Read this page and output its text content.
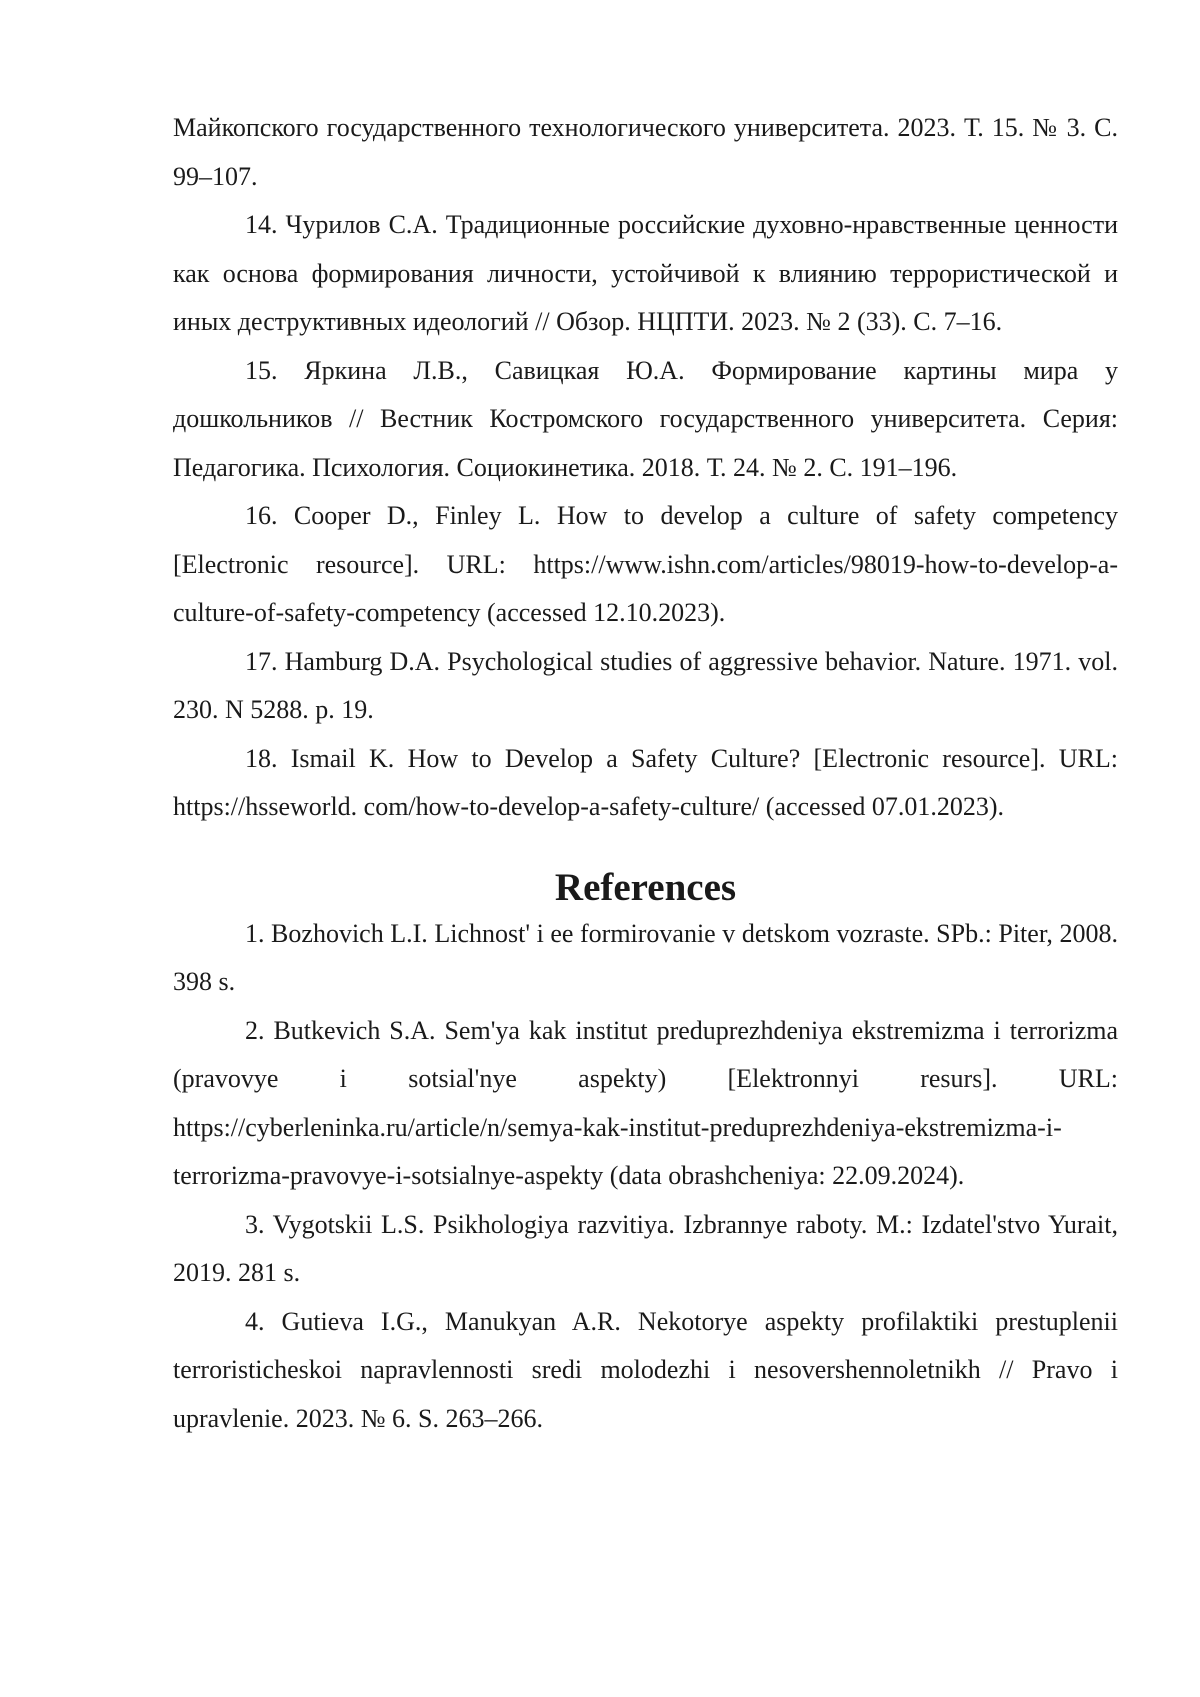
Майкопского государственного технологического университета. 2023. Т. 15. № 3. С. 99–107.

14. Чурилов С.А. Традиционные российские духовно-нравственные ценности как основа формирования личности, устойчивой к влиянию террористической и иных деструктивных идеологий // Обзор. НЦПТИ. 2023. № 2 (33). С. 7–16.

15. Яркина Л.В., Савицкая Ю.А. Формирование картины мира у дошкольников // Вестник Костромского государственного университета. Серия: Педагогика. Психология. Социокинетика. 2018. Т. 24. № 2. С. 191–196.

16. Cooper D., Finley L. How to develop a culture of safety competency [Electronic resource]. URL: https://www.ishn.com/articles/98019-how-to-develop-a-culture-of-safety-competency (accessed 12.10.2023).

17. Hamburg D.A. Psychological studies of aggressive behavior. Nature. 1971. vol. 230. N 5288. p. 19.

18. Ismail K. How to Develop a Safety Culture? [Electronic resource]. URL: https://hsseworld. com/how-to-develop-a-safety-culture/ (accessed 07.01.2023).

References

1. Bozhovich L.I. Lichnost' i ee formirovanie v detskom vozraste. SPb.: Piter, 2008. 398 s.

2. Butkevich S.A. Sem'ya kak institut preduprezhdeniya ekstremizma i terrorizma (pravovye i sotsial'nye aspekty) [Elektronnyi resurs]. URL: https://cyberleninka.ru/article/n/semya-kak-institut-preduprezhdeniya-ekstremizma-i-terrorizma-pravovye-i-sotsialnye-aspekty (data obrashcheniya: 22.09.2024).

3. Vygotskii L.S. Psikhologiya razvitiya. Izbrannye raboty. M.: Izdatel'stvo Yurait, 2019. 281 s.

4. Gutieva I.G., Manukyan A.R. Nekotorye aspekty profilaktiki prestuplenii terroristicheskoi napravlennosti sredi molodezhi i nesovershennoletnikh // Pravo i upravlenie. 2023. № 6. S. 263–266.
